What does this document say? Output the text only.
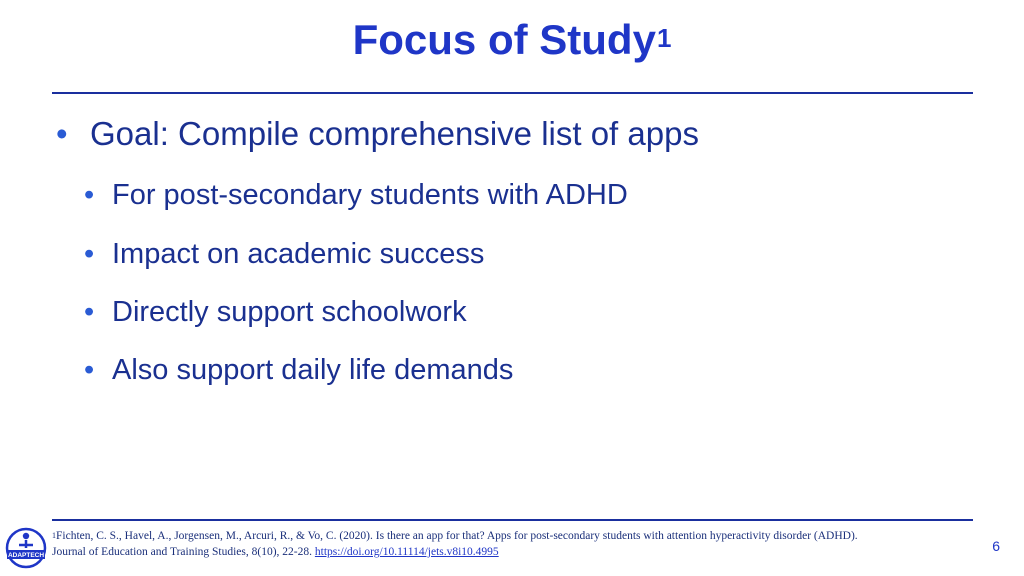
Focus of Study$^1$
• Goal: Compile comprehensive list of apps
• For post-secondary students with ADHD
• Impact on academic success
• Directly support schoolwork
• Also support daily life demands
ADAPTECH
$^1$Fichten, C. S., Havel, A., Jorgensen, M., Arcuri, R., & Vo, C. (2020). Is there an app for that? Apps for post-secondary students with attention hyperactivity disorder (ADHD).
Journal of Education and Training Studies, 8(10), 22-28. https://doi.org/10.11114/jets.v8i10.4995	6
